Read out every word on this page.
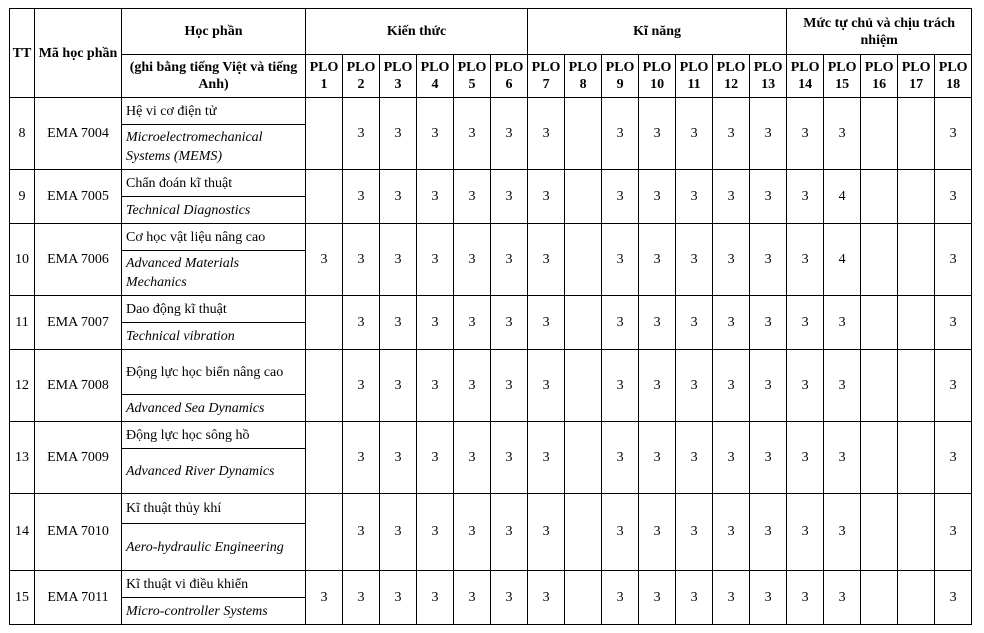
TT	Mã học phần	Học phần	Kiến thức						Kĩ năng							Mức tự chủ và chịu trách nhiệm				
		(ghi bằng tiếng Việt và tiếng Anh)	PLO 1	PLO 2	PLO 3	PLO 4	PLO 5	PLO 6	PLO 7	PLO 8	PLO 9	PLO 10	PLO 11	PLO 12	PLO 13	PLO 14	PLO 15	PLO 16	PLO 17	PLO 18
8	EMA 7004	Hệ vi cơ điện tử		3	3	3	3	3	3		3	3	3	3	3	3	3			3
		Microelectromechanical Systems (MEMS)																		
9	EMA 7005	Chẩn đoán kĩ thuật		3	3	3	3	3	3		3	3	3	3	3	3	4			3
		Technical Diagnostics																		
10	EMA 7006	Cơ học vật liệu nâng cao	3	3	3	3	3	3	3		3	3	3	3	3	3	4			3
		Advanced Materials Mechanics																		
11	EMA 7007	Dao động kĩ thuật		3	3	3	3	3	3		3	3	3	3	3	3	3			3
		Technical vibration																		
12	EMA 7008	Động lực học biển nâng cao		3	3	3	3	3	3		3	3	3	3	3	3	3			3
		Advanced Sea Dynamics																		
13	EMA 7009	Động lực học sông hồ		3	3	3	3	3	3		3	3	3	3	3	3	3			3
		Advanced River Dynamics																		
14	EMA 7010	Kĩ thuật thủy khí		3	3	3	3	3	3		3	3	3	3	3	3	3			3
		Aero-hydraulic Engineering																		
15	EMA 7011	Kĩ thuật vi điều khiển	3	3	3	3	3	3	3		3	3	3	3	3	3	3			3
		Micro-controller Systems																		
